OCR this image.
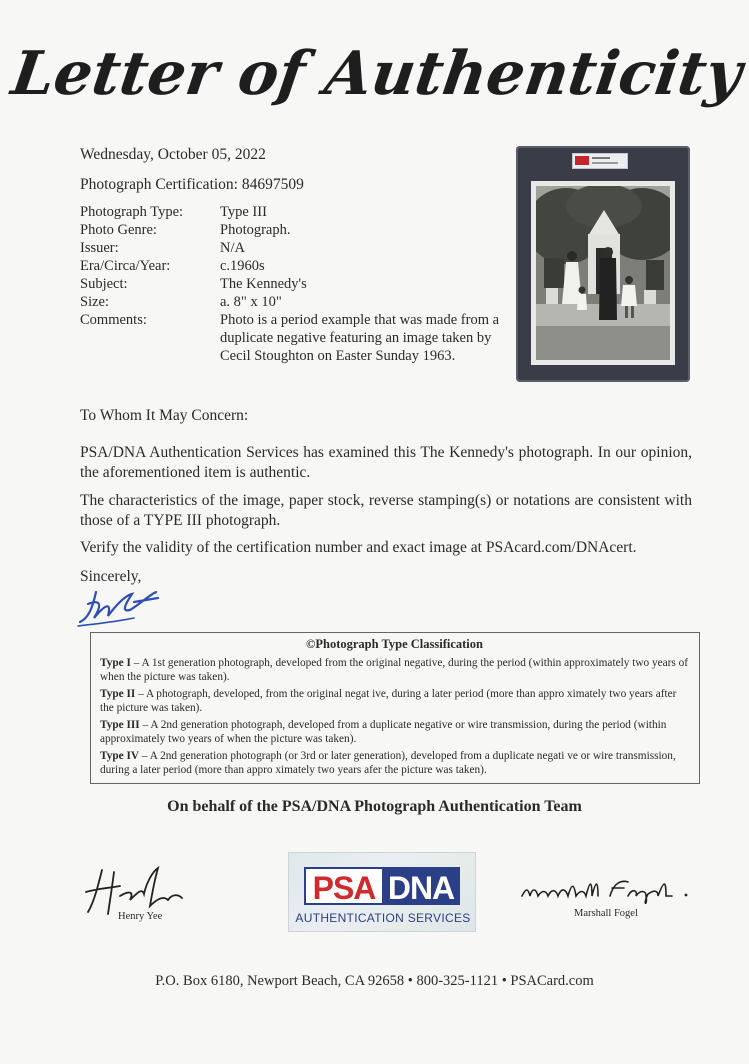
Letter of Authenticity
Wednesday, October 05, 2022
Photograph Certification: 84697509
Photograph Type:	Type III
Photo Genre:	Photograph.
Issuer:	N/A
Era/Circa/Year:	c.1960s
Subject:	The Kennedy's
Size:	a. 8" x 10"
Comments:	Photo is a period example that was made from a duplicate negative featuring an image taken by Cecil Stoughton on Easter Sunday 1963.
To Whom It May Concern:
PSA/DNA Authentication Services has examined this The Kennedy's photograph. In our opinion, the aforementioned item is authentic.
The characteristics of the image, paper stock, reverse stamping(s) or notations are consistent with those of a TYPE III photograph.
Verify the validity of the certification number and exact image at PSAcard.com/DNAcert.
Sincerely,
©Photograph Type Classification
Type I – A 1st generation photograph, developed from the original negative, during the period (within approximately two years of when the picture was taken).
Type II – A photograph, developed, from the original negat ive, during a later period (more than appro ximately two years after the picture was taken).
Type III – A 2nd generation photograph, developed from a duplicate negative or wire transmission, during the period (within approximately two years of when the picture was taken).
Type IV – A 2nd generation photograph (or 3rd or later generation), developed from a duplicate negati ve or wire transmission, during a later period (more than appro ximately two years afer the picture was taken).
On behalf of the PSA/DNA Photograph Authentication Team
Henry Yee
PSA DNA
AUTHENTICATION SERVICES	Marshall Fogel
P.O. Box 6180, Newport Beach, CA 92658 • 800-325-1121 • PSACard.com
